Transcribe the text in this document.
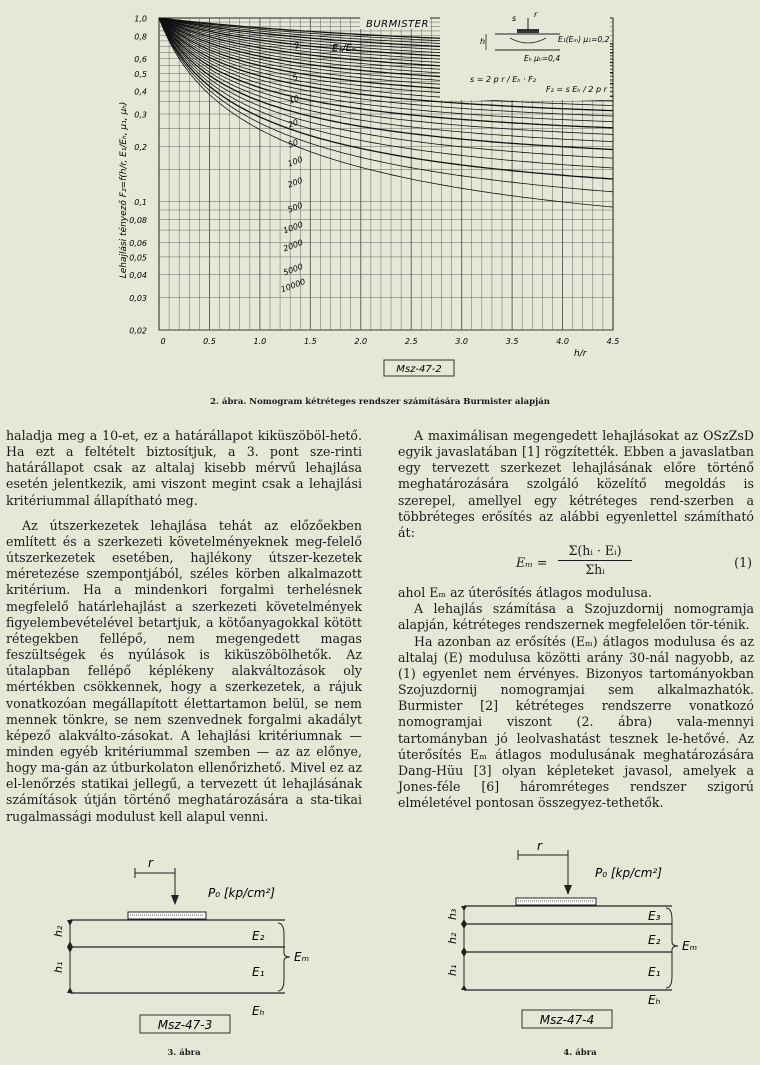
1,0
0,8
0,6
0,5
0,4
0,3
0,2
0,1
0,08
0,06
0,05
0,04
0,03
0,02
0	0.5	1.0	1.5	2.0	2.5	3.0	3.5	4.0	4.5
2
5
10
20
50
100
200
500
1000
2000
5000
10000
Lehajlási tényező F₂=f(h/r, E₁/Eₕ, μ₁, μₕ)
h/r
E₁/Eₕ
BURMISTER
s r
h	E₁(Eₘ) μ₁=0,2
Eₕ μₕ=0,4
s = 2 p r / Eₕ · F₂
F₂ = s Eₕ / 2 p r
Msz-47-2
2. ábra. Nomogram kétréteges rendszer számítására Burmister alapján

haladja meg a 10-et, ez a határállapot kiküszöböl-hető. Ha ezt a feltételt biztosítjuk, a 3. pont sze-rinti határállapot csak az altalaj kisebb mérvű lehajlása esetén jelentkezik, ami viszont megint csak a lehajlási kritériummal állapítható meg.

Az útszerkezetek lehajlása tehát az előzőekben említett és a szerkezeti követelményeknek meg-felelő útszerkezetek esetében, hajlékony útszer-kezetek méretezése szempontjából, széles körben alkalmazott kritérium. Ha a mindenkori forgalmi terhelésnek megfelelő határlehajlást a szerkezeti követelmények figyelembevételével betartjuk, a kötőanyagokkal kötött rétegekben fellépő, nem megengedett magas feszültségek és nyúlások is kiküszöbölhetők. Az útalapban fellépő képlékeny alakváltozások oly mértékben csökkennek, hogy a szerkezetek, a rájuk vonatkozóan megállapított élettartamon belül, se nem mennek tönkre, se nem szenvednek forgalmi akadályt képező alakválto-zásokat. A lehajlási kritériumnak — minden egyéb kritériummal szemben — az az előnye, hogy ma-gán az útburkolaton ellenőrizhető. Mivel ez az el-lenőrzés statikai jellegű, a tervezett út lehajlásának számítások útján történő meghatározására a sta-tikai rugalmassági modulust kell alapul venni.

A maximálisan megengedett lehajlásokat az OSzZsD egyik javaslatában [1] rögzítették. Ebben a javaslatban egy tervezett szerkezet lehajlásának előre történő meghatározására szolgáló közelítő megoldás is szerepel, amellyel egy kétréteges rend-szerben a többréteges erősítés az alábbi egyenlettel számítható át:

Eₘ =
Σ(hᵢ · Eᵢ)
Σhᵢ	(1)

ahol Eₘ az úterősítés átlagos modulusa.

A lehajlás számítása a Szojuzdornij nomogramja alapján, kétréteges rendszernek megfelelően tör-ténik.

Ha azonban az erősítés (Eₘ) átlagos modulusa és az altalaj (E) modulusa közötti arány 30-nál nagyobb, az (1) egyenlet nem érvényes. Bizonyos tartományokban Szojuzdornij nomogramjai sem alkalmazhatók. Burmister [2] kétréteges rendszerre vonatkozó nomogramjai viszont (2. ábra) vala-mennyi tartományban jó leolvashatást tesznek le-hetővé. Az úterősítés Eₘ átlagos modulusának meghatározására Dang-Hüu [3] olyan képleteket javasol, amelyek a Jones-féle [6] háromréteges rendszer szigorú elméletével pontosan összegyez-tethetők.

r
P₀ [kp/cm²]
h₂
h₁
E₂
E₁
Eₘ
Eₕ
Msz-47-3
3. ábra
r
P₀ [kp/cm²]
h₃
h₂
h₁
E₃
E₂
E₁
Eₘ
Eₕ
Msz-47-4
4. ábra
